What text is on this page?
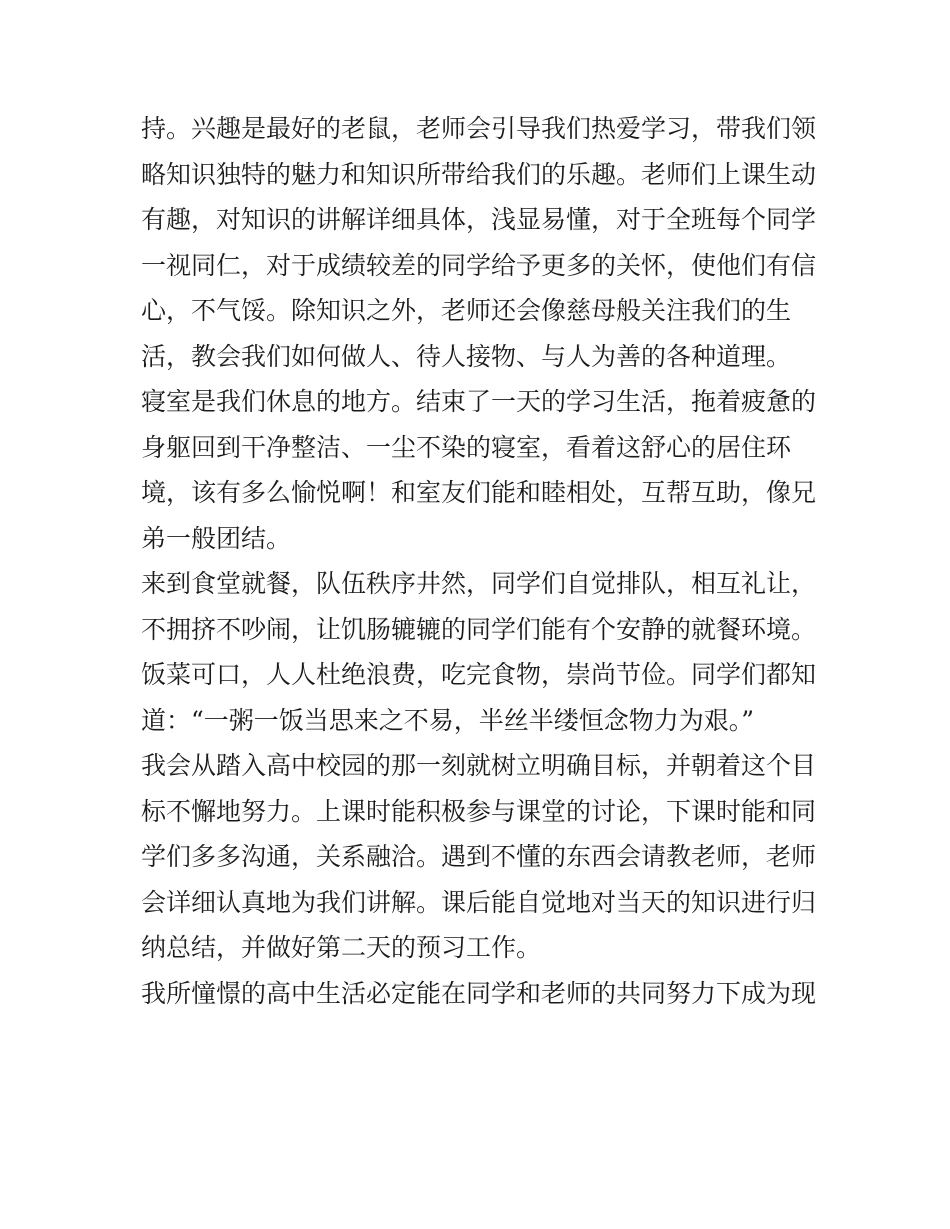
持。兴趣是最好的老鼠，老师会引导我们热爱学习，带我们领
略知识独特的魅力和知识所带给我们的乐趣。老师们上课生动
有趣，对知识的讲解详细具体，浅显易懂，对于全班每个同学
一视同仁，对于成绩较差的同学给予更多的关怀，使他们有信
心，不气馁。除知识之外，老师还会像慈母般关注我们的生
活，教会我们如何做人、待人接物、与人为善的各种道理。
寝室是我们休息的地方。结束了一天的学习生活，拖着疲惫的
身躯回到干净整洁、一尘不染的寝室，看着这舒心的居住环
境，该有多么愉悦啊！和室友们能和睦相处，互帮互助，像兄
弟一般团结。
来到食堂就餐，队伍秩序井然，同学们自觉排队，相互礼让，
不拥挤不吵闹，让饥肠辘辘的同学们能有个安静的就餐环境。
饭菜可口，人人杜绝浪费，吃完食物，崇尚节俭。同学们都知
道：“一粥一饭当思来之不易，半丝半缕恒念物力为艰。”
我会从踏入高中校园的那一刻就树立明确目标，并朝着这个目
标不懈地努力。上课时能积极参与课堂的讨论，下课时能和同
学们多多沟通，关系融洽。遇到不懂的东西会请教老师，老师
会详细认真地为我们讲解。课后能自觉地对当天的知识进行归
纳总结，并做好第二天的预习工作。
我所憧憬的高中生活必定能在同学和老师的共同努力下成为现
